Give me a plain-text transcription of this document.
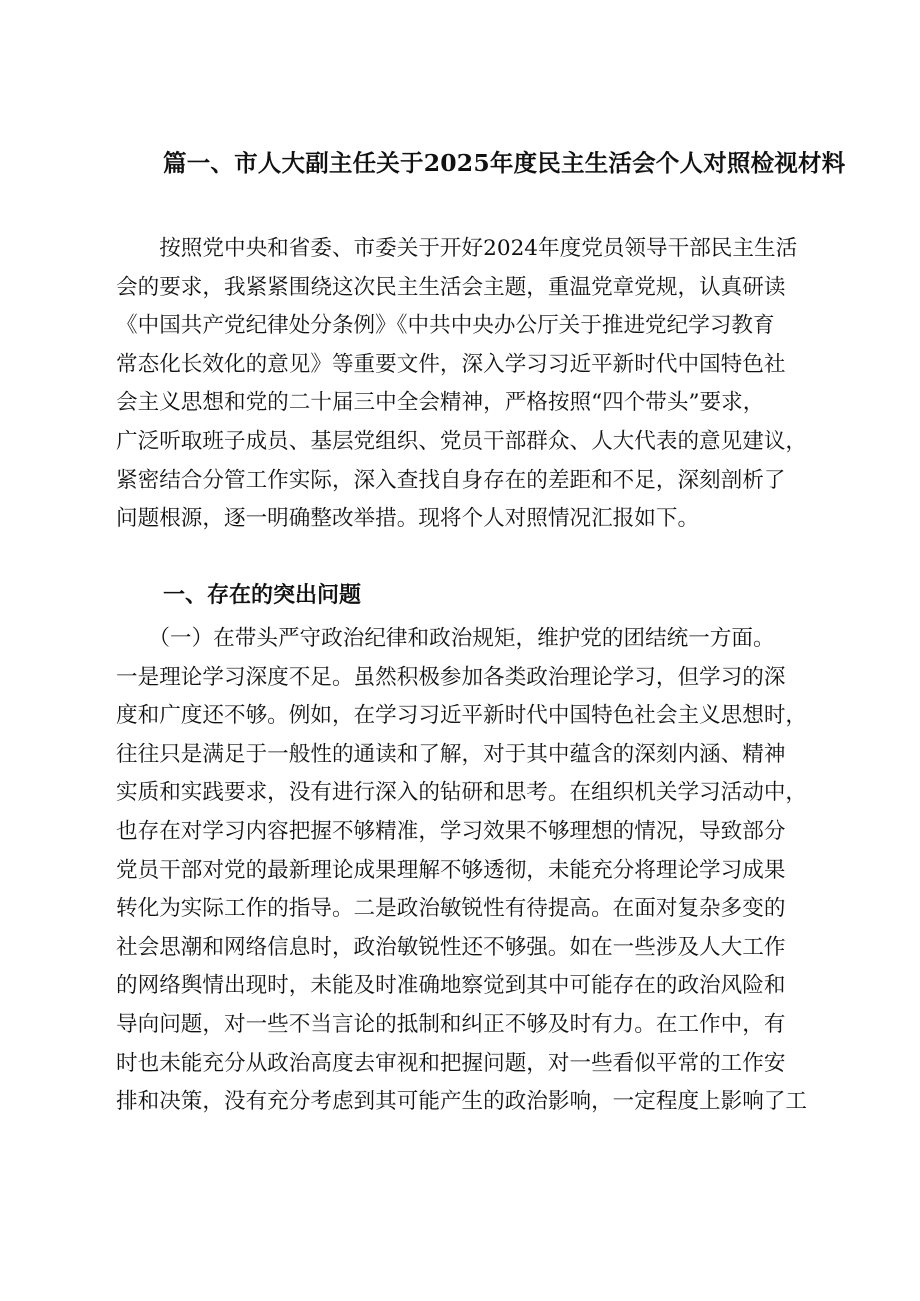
篇一、市人大副主任关于2025年度民主生活会个人对照检视材料
　　按照党中央和省委、市委关于开好2024年度党员领导干部民主生活
会的要求，我紧紧围绕这次民主生活会主题，重温党章党规，认真研读
《中国共产党纪律处分条例》《中共中央办公厅关于推进党纪学习教育
常态化长效化的意见》等重要文件，深入学习习近平新时代中国特色社
会主义思想和党的二十届三中全会精神，严格按照“四个带头”要求，
广泛听取班子成员、基层党组织、党员干部群众、人大代表的意见建议，
紧密结合分管工作实际，深入查找自身存在的差距和不足，深刻剖析了
问题根源，逐一明确整改举措。现将个人对照情况汇报如下。
一、存在的突出问题
　　（一）在带头严守政治纪律和政治规矩，维护党的团结统一方面。
一是理论学习深度不足。虽然积极参加各类政治理论学习，但学习的深
度和广度还不够。例如，在学习习近平新时代中国特色社会主义思想时，
往往只是满足于一般性的通读和了解，对于其中蕴含的深刻内涵、精神
实质和实践要求，没有进行深入的钻研和思考。在组织机关学习活动中，
也存在对学习内容把握不够精准，学习效果不够理想的情况，导致部分
党员干部对党的最新理论成果理解不够透彻，未能充分将理论学习成果
转化为实际工作的指导。二是政治敏锐性有待提高。在面对复杂多变的
社会思潮和网络信息时，政治敏锐性还不够强。如在一些涉及人大工作
的网络舆情出现时，未能及时准确地察觉到其中可能存在的政治风险和
导向问题，对一些不当言论的抵制和纠正不够及时有力。在工作中，有
时也未能充分从政治高度去审视和把握问题，对一些看似平常的工作安
排和决策，没有充分考虑到其可能产生的政治影响，一定程度上影响了工
